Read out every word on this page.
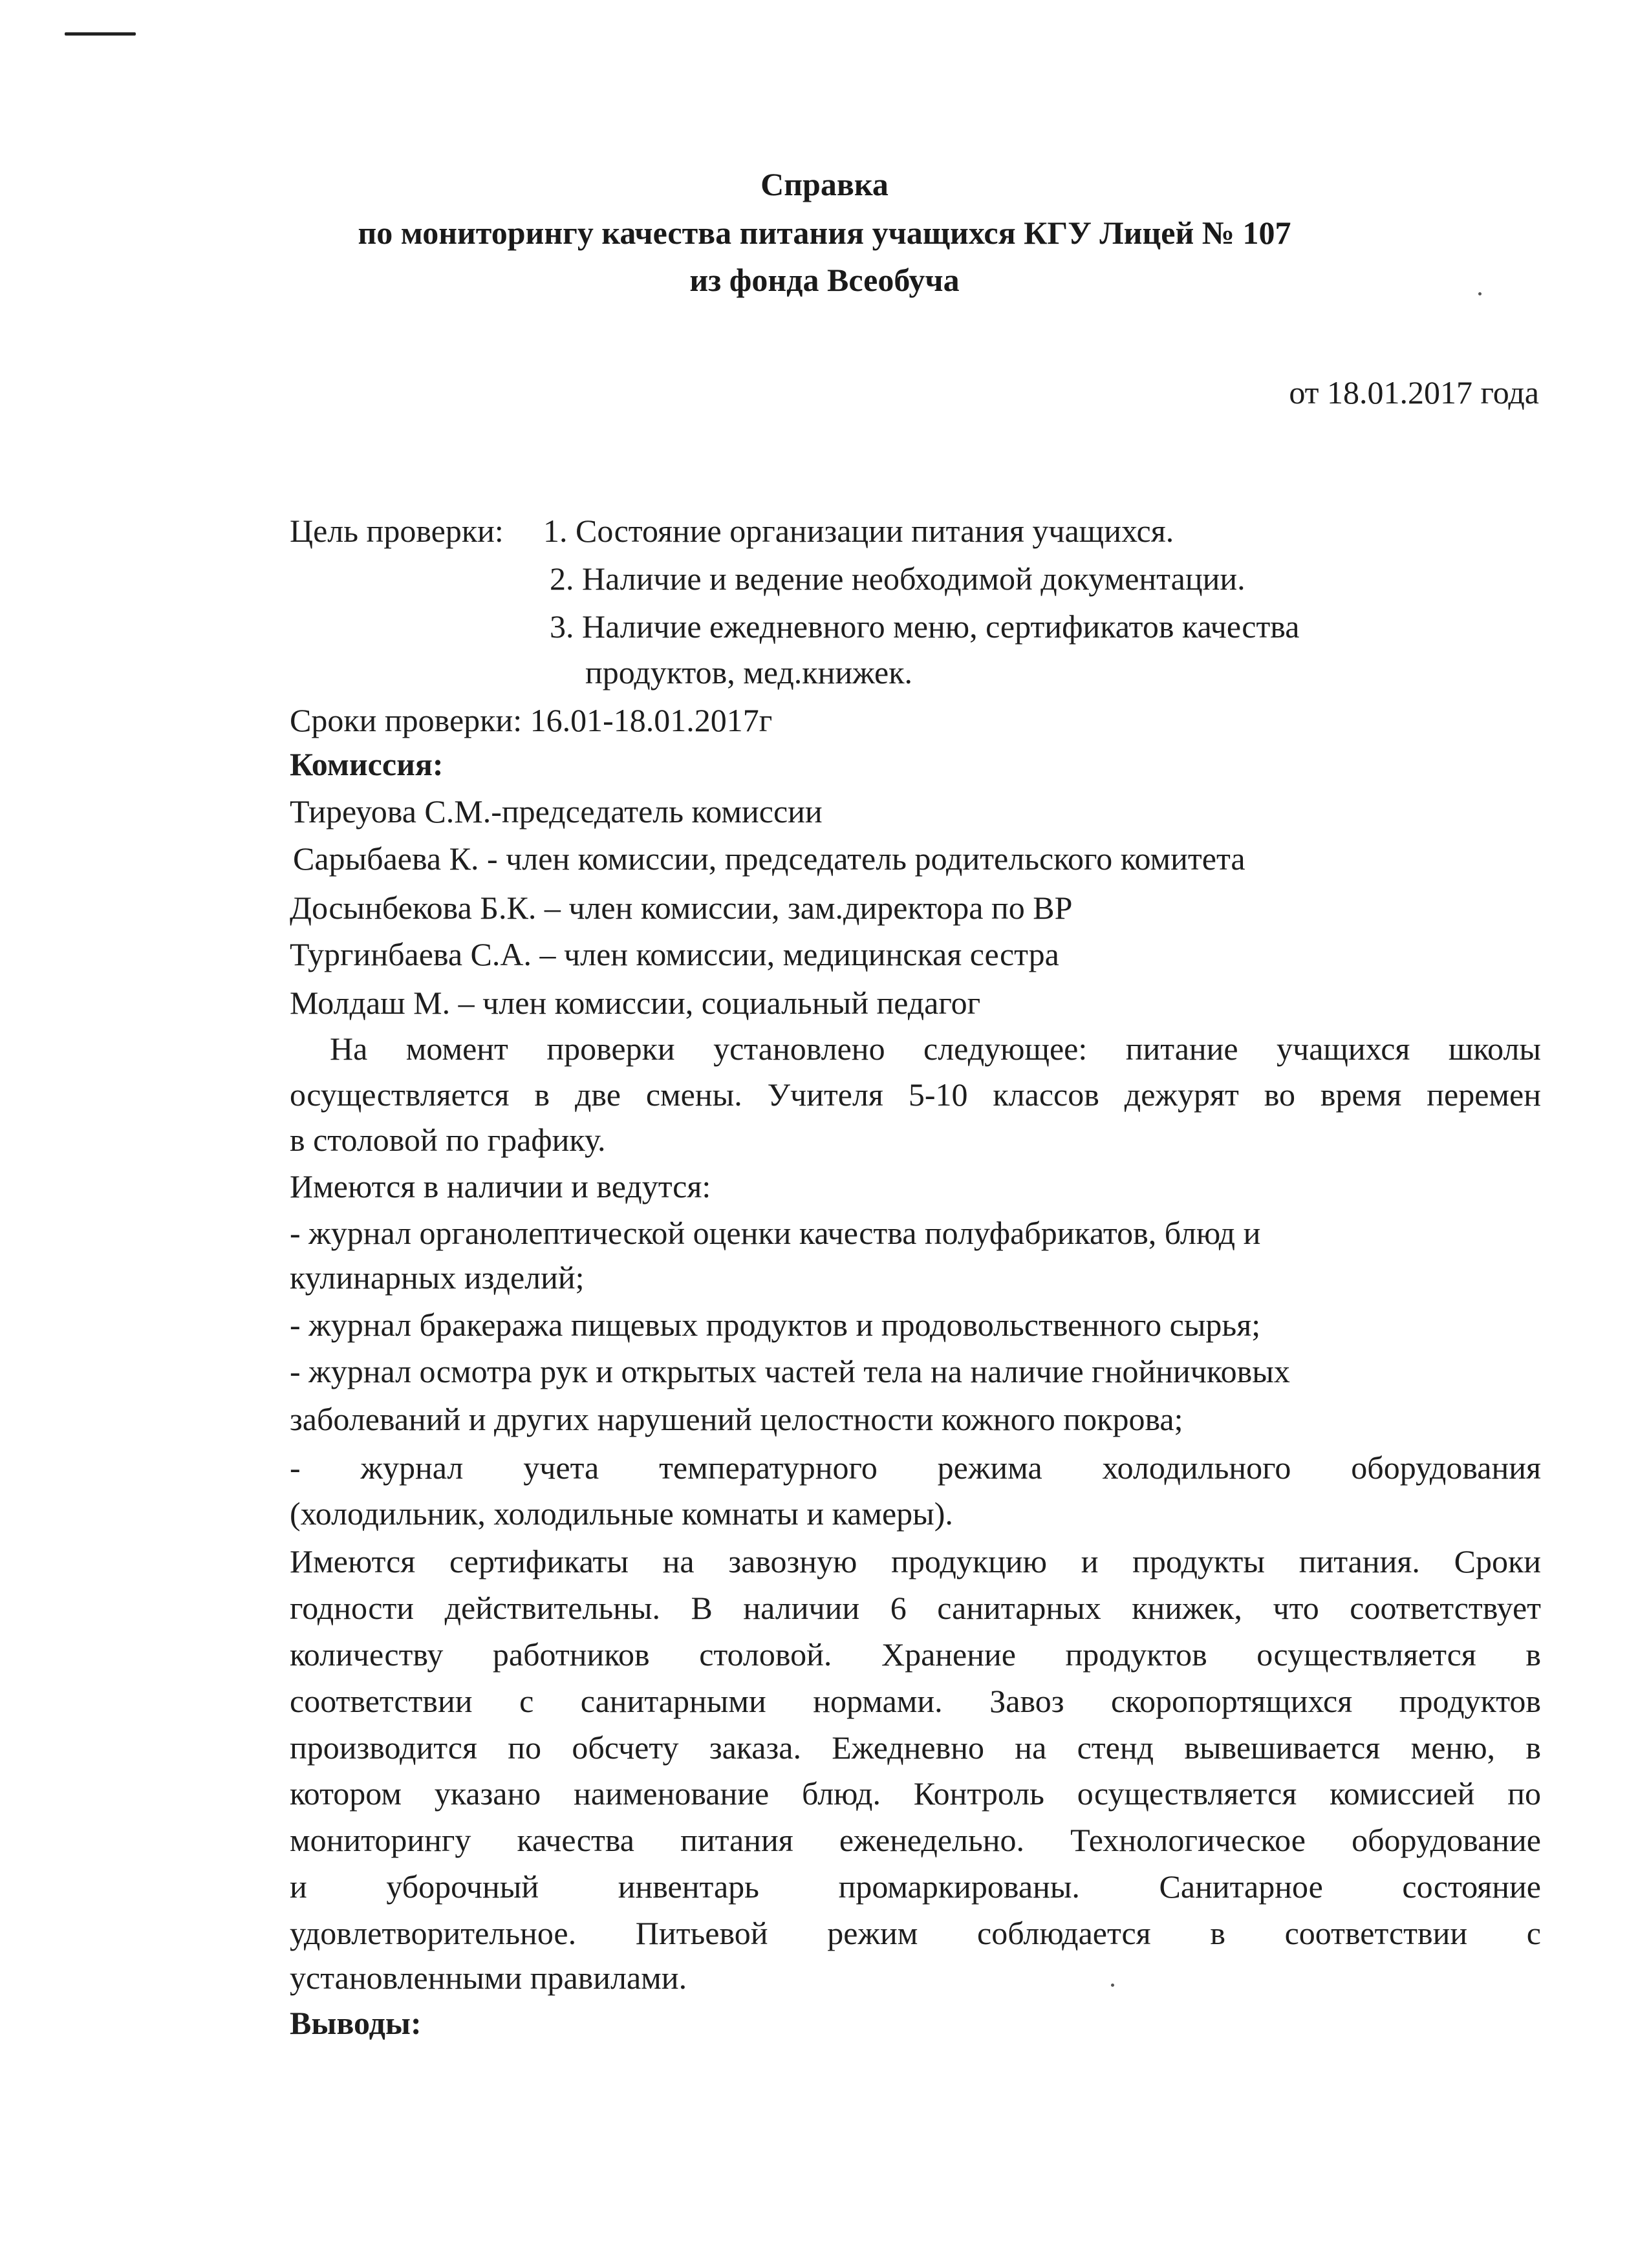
Справка
по мониторингу качества питания учащихся КГУ Лицей № 107
из фонда Всеобуча
от 18.01.2017 года
Цель проверки: 1. Состояние организации питания учащихся.
2. Наличие и ведение необходимой документации.
3. Наличие ежедневного меню, сертификатов качества
продуктов, мед.книжек.
Сроки проверки: 16.01-18.01.2017г
Комиссия:
Тиреуова С.М.-председатель комиссии
Сарыбаева К. - член комиссии, председатель родительского комитета
Досынбекова Б.К. – член комиссии, зам.директора по ВР
Тургинбаева С.А. – член комиссии, медицинская сестра
Молдаш М. – член комиссии, социальный педагог
На момент проверки установлено следующее: питание учащихся школы
осуществляется в две смены. Учителя 5-10 классов дежурят во время перемен
в столовой по графику.
Имеются в наличии и ведутся:
- журнал органолептической оценки качества полуфабрикатов, блюд и
кулинарных изделий;
- журнал бракеража пищевых продуктов и продовольственного сырья;
- журнал осмотра рук и открытых частей тела на наличие гнойничковых
заболеваний и других нарушений целостности кожного покрова;
- журнал учета температурного режима холодильного оборудования
(холодильник, холодильные комнаты и камеры).
Имеются сертификаты на завозную продукцию и продукты питания. Сроки
годности действительны. В наличии 6 санитарных книжек, что соответствует
количеству работников столовой. Хранение продуктов осуществляется в
соответствии с санитарными нормами. Завоз скоропортящихся продуктов
производится по обсчету заказа. Ежедневно на стенд вывешивается меню, в
котором указано наименование блюд. Контроль осуществляется комиссией по
мониторингу качества питания еженедельно. Технологическое оборудование
и уборочный инвентарь промаркированы. Санитарное состояние
удовлетворительное. Питьевой режим соблюдается в соответствии с
установленными правилами.
Выводы:
